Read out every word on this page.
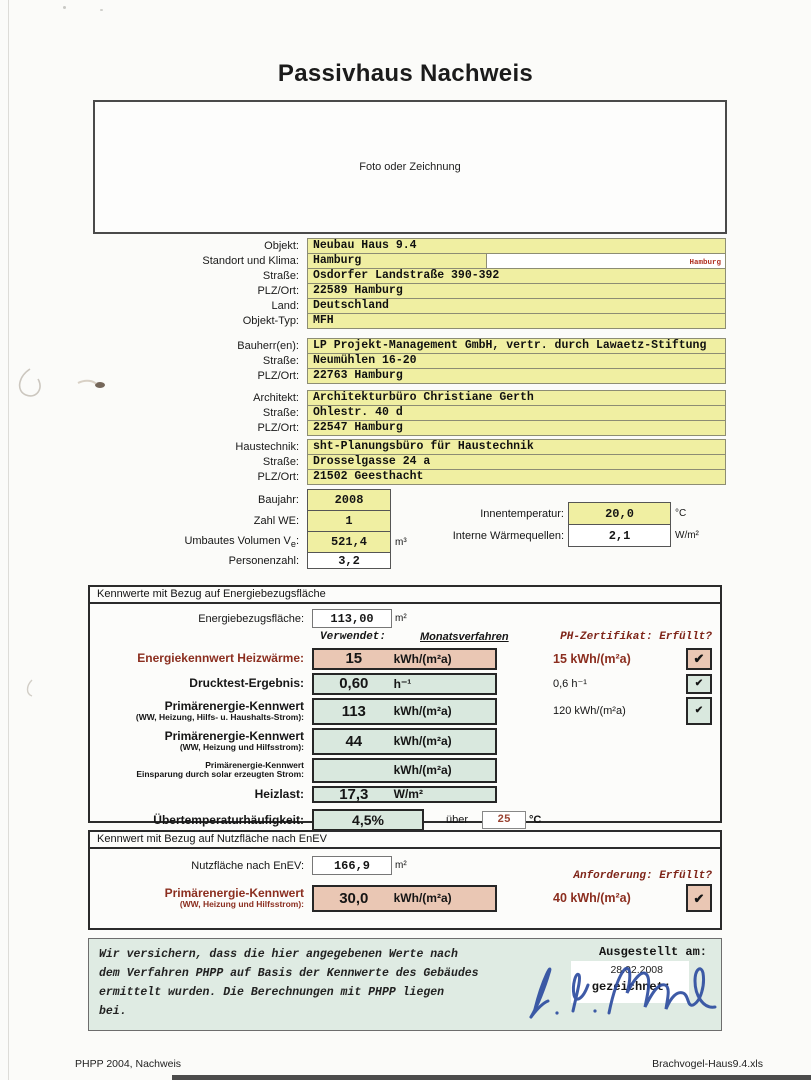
Passivhaus Nachweis
Foto oder Zeichnung
Objekt:	Neubau Haus 9.4
Standort und Klima:	Hamburg	Hamburg
Straße:	Osdorfer Landstraße 390-392
PLZ/Ort:	22589 Hamburg
Land:	Deutschland
Objekt-Typ:	MFH
Bauherr(en):	LP Projekt-Management GmbH, vertr. durch Lawaetz-Stiftung
Straße:	Neumühlen 16-20
PLZ/Ort:	22763 Hamburg
Architekt:	Architekturbüro Christiane Gerth
Straße:	Ohlestr. 40 d
PLZ/Ort:	22547 Hamburg
Haustechnik:	sht-Planungsbüro für Haustechnik
Straße:	Drosselgasse 24 a
PLZ/Ort:	21502 Geesthacht
Baujahr:	2008
Zahl WE:	1
Umbautes Volumen $V_e$:	521,4	m³
Personenzahl:	3,2
Innentemperatur:	20,0	°C
Interne Wärmequellen:	2,1	W/m²
Kennwerte mit Bezug auf Energiebezugsfläche
Energiebezugsfläche:	113,00	m²
Verwendet:	Monatsverfahren	PH-Zertifikat: Erfüllt?
Energiekennwert Heizwärme:	15	kWh/(m²a)	15 kWh/(m²a)	✔
Drucktest-Ergebnis:	0,60	h⁻¹	0,6 h⁻¹	✔
Primärenergie-Kennwert
(WW, Heizung, Hilfs- u. Haushalts-Strom):	113	kWh/(m²a)	120 kWh/(m²a)	✔
Primärenergie-Kennwert
(WW, Heizung und Hilfsstrom):	44	kWh/(m²a)
Primärenergie-Kennwert
Einsparung durch solar erzeugten Strom:	kWh/(m²a)
Heizlast:	17,3	W/m²
Übertemperaturhäufigkeit:	4,5%	über	25	°C
Kennwert mit Bezug auf Nutzfläche nach EnEV
Nutzfläche nach EnEV:	166,9	m²
Anforderung: Erfüllt?
Primärenergie-Kennwert
(WW, Heizung und Hilfsstrom):	30,0	kWh/(m²a)	40 kWh/(m²a)	✔
Wir versichern, dass die hier angegebenen Werte nach
dem Verfahren PHPP auf Basis der Kennwerte des Gebäudes
ermittelt wurden. Die Berechnungen mit PHPP liegen
bei.
Ausgestellt am:
28.02.2008
gezeichnet:
PHPP 2004, Nachweis	Brachvogel-Haus9.4.xls
